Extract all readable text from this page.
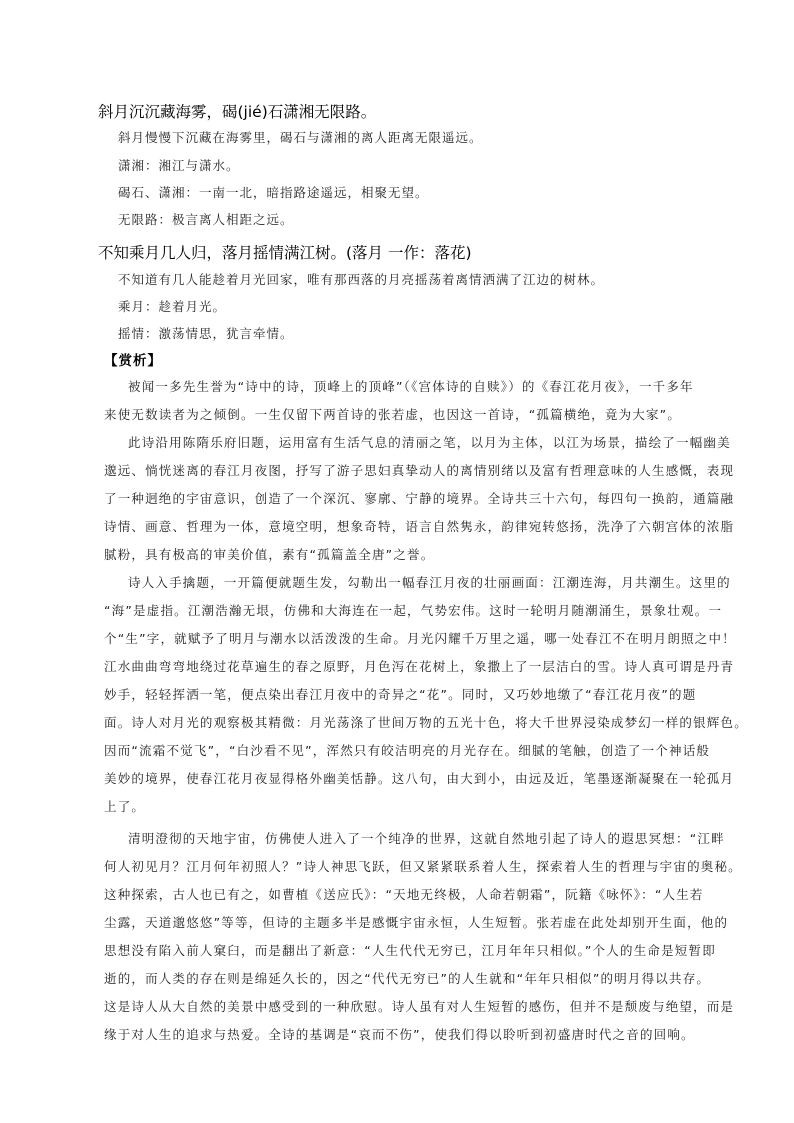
斜月沉沉藏海雾，碣(jié)石潇湘无限路。
斜月慢慢下沉藏在海雾里，碣石与潇湘的离人距离无限遥远。
潇湘：湘江与潇水。
碣石、潇湘：一南一北，暗指路途遥远，相聚无望。
无限路：极言离人相距之远。
不知乘月几人归，落月摇情满江树。(落月 一作：落花)
不知道有几人能趁着月光回家，唯有那西落的月亮摇荡着离情洒满了江边的树林。
乘月：趁着月光。
摇情：激荡情思，犹言牵情。
【赏析】
被闻一多先生誉为“诗中的诗，顶峰上的顶峰”（《宫体诗的自赎》）的《春江花月夜》，一千多年
来使无数读者为之倾倒。一生仅留下两首诗的张若虚，也因这一首诗，“孤篇横绝，竟为大家”。
此诗沿用陈隋乐府旧题，运用富有生活气息的清丽之笔，以月为主体，以江为场景，描绘了一幅幽美
邈远、惝恍迷离的春江月夜图，抒写了游子思妇真挚动人的离情别绪以及富有哲理意味的人生感慨，表现
了一种迥绝的宇宙意识，创造了一个深沉、寥廓、宁静的境界。全诗共三十六句，每四句一换韵，通篇融
诗情、画意、哲理为一体，意境空明，想象奇特，语言自然隽永，韵律宛转悠扬，洗净了六朝宫体的浓脂
腻粉，具有极高的审美价值，素有“孤篇盖全唐”之誉。
诗人入手擒题，一开篇便就题生发，勾勒出一幅春江月夜的壮丽画面：江潮连海，月共潮生。这里的
“海”是虚指。江潮浩瀚无垠，仿佛和大海连在一起，气势宏伟。这时一轮明月随潮涌生，景象壮观。一
个“生”字，就赋予了明月与潮水以活泼泼的生命。月光闪耀千万里之遥，哪一处春江不在明月朗照之中！
江水曲曲弯弯地绕过花草遍生的春之原野，月色泻在花树上，象撒上了一层洁白的雪。诗人真可谓是丹青
妙手，轻轻挥洒一笔，便点染出春江月夜中的奇异之“花”。同时，又巧妙地缴了“春江花月夜”的题
面。诗人对月光的观察极其精微：月光荡涤了世间万物的五光十色，将大千世界浸染成梦幻一样的银辉色。
因而“流霜不觉飞”，“白沙看不见”，浑然只有皎洁明亮的月光存在。细腻的笔触，创造了一个神话般
美妙的境界，使春江花月夜显得格外幽美恬静。这八句，由大到小，由远及近，笔墨逐渐凝聚在一轮孤月
上了。
清明澄彻的天地宇宙，仿佛使人进入了一个纯净的世界，这就自然地引起了诗人的遐思冥想：“江畔
何人初见月？江月何年初照人？”诗人神思飞跃，但又紧紧联系着人生，探索着人生的哲理与宇宙的奥秘。
这种探索，古人也已有之，如曹植《送应氏》：“天地无终极，人命若朝霜”，阮籍《咏怀》：“人生若
尘露，天道邈悠悠”等等，但诗的主题多半是感慨宇宙永恒，人生短暂。张若虚在此处却别开生面，他的
思想没有陷入前人窠臼，而是翻出了新意：“人生代代无穷已，江月年年只相似。”个人的生命是短暂即
逝的，而人类的存在则是绵延久长的，因之“代代无穷已”的人生就和“年年只相似”的明月得以共存。
这是诗人从大自然的美景中感受到的一种欣慰。诗人虽有对人生短暂的感伤，但并不是颓废与绝望，而是
缘于对人生的追求与热爱。全诗的基调是“哀而不伤”，使我们得以聆听到初盛唐时代之音的回响。
